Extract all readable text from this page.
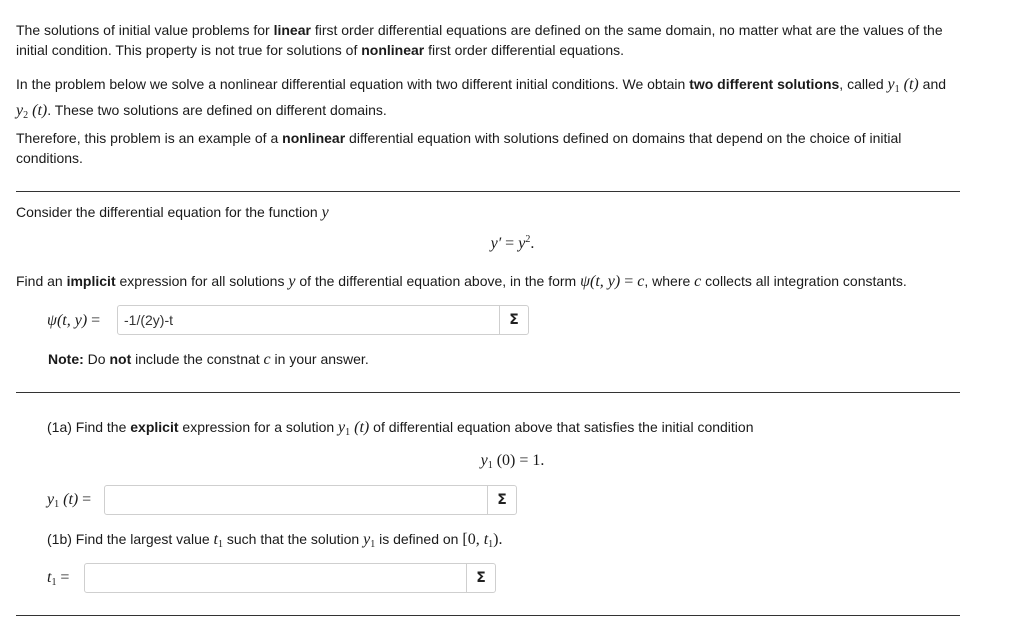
The solutions of initial value problems for linear first order differential equations are defined on the same domain, no matter what are the values of the initial condition. This property is not true for solutions of nonlinear first order differential equations.
In the problem below we solve a nonlinear differential equation with two different initial conditions. We obtain two different solutions, called $y_1$ (t) and
$y_2$ (t). These two solutions are defined on different domains.
Therefore, this problem is an example of a nonlinear differential equation with solutions defined on domains that depend on the choice of initial conditions.
Consider the differential equation for the function y
$y' = y^2$.
Find an implicit expression for all solutions y of the differential equation above, in the form ψ(t, y) = c, where c collects all integration constants.
ψ(t, y) =
-1/(2y)-t	Σ
Note: Do not include the constnat c in your answer.
(1a) Find the explicit expression for a solution $y_1$ (t) of differential equation above that satisfies the initial condition
$y_1$ (0) = 1.
$y_1$ (t) =	Σ
(1b) Find the largest value $t_1$ such that the solution $y_1$ is defined on [0, $t_1$).
$t_1$ =	Σ
